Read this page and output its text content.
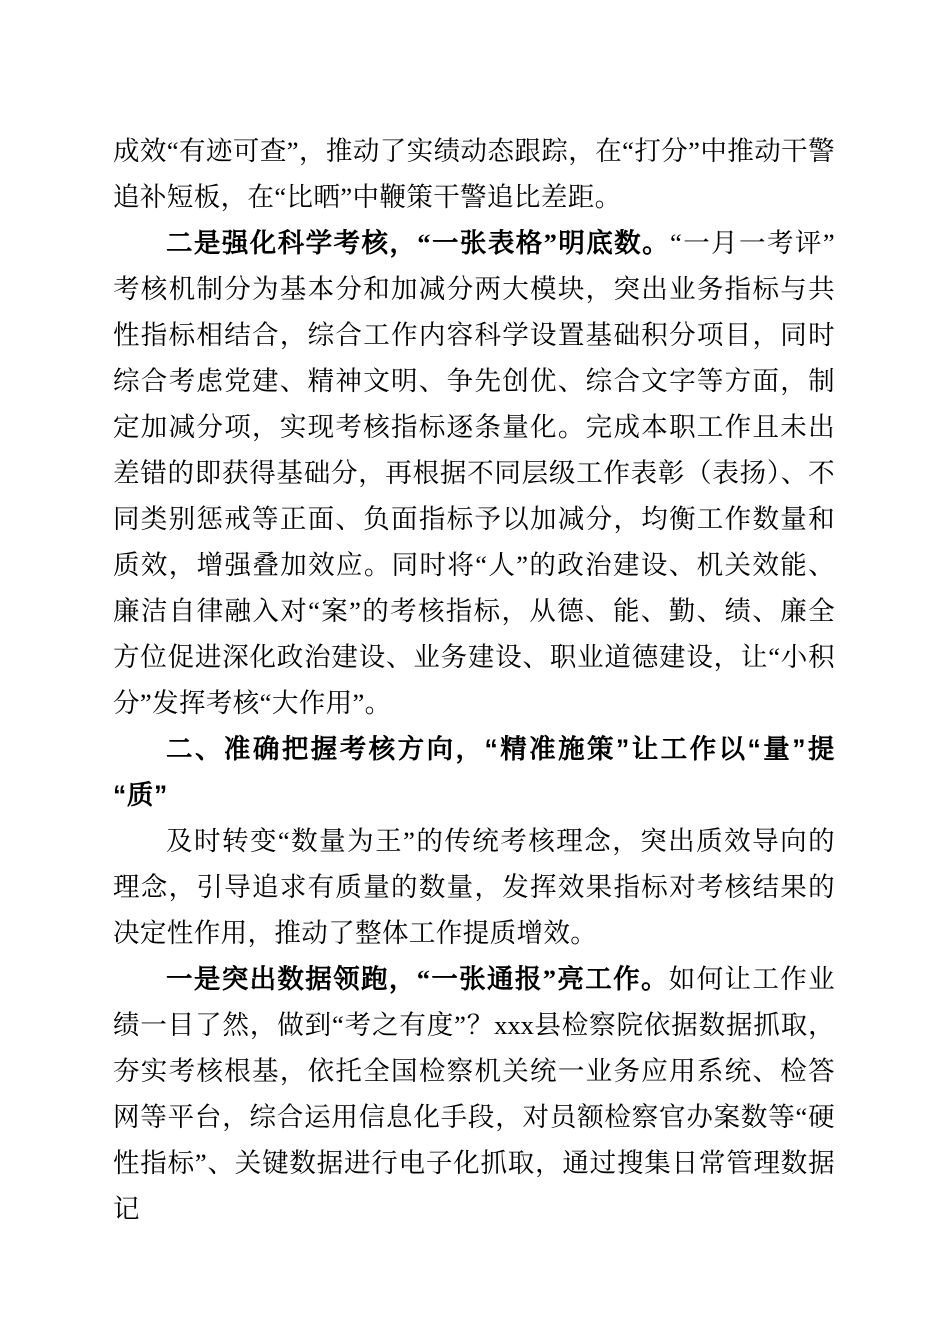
成效“有迹可查”，推动了实绩动态跟踪，在“打分”中推动干警追补短板，在“比晒”中鞭策干警追比差距。

二是强化科学考核，“一张表格”明底数。“一月一考评”考核机制分为基本分和加减分两大模块，突出业务指标与共性指标相结合，综合工作内容科学设置基础积分项目，同时综合考虑党建、精神文明、争先创优、综合文字等方面，制定加减分项，实现考核指标逐条量化。完成本职工作且未出差错的即获得基础分，再根据不同层级工作表彰（表扬）、不同类别惩戒等正面、负面指标予以加减分，均衡工作数量和质效，增强叠加效应。同时将“人”的政治建设、机关效能、廉洁自律融入对“案”的考核指标，从德、能、勤、绩、廉全方位促进深化政治建设、业务建设、职业道德建设，让“小积分”发挥考核“大作用”。

二、准确把握考核方向，“精准施策”让工作以“量”提“质”

及时转变“数量为王”的传统考核理念，突出质效导向的理念，引导追求有质量的数量，发挥效果指标对考核结果的决定性作用，推动了整体工作提质增效。

一是突出数据领跑，“一张通报”亮工作。如何让工作业绩一目了然，做到“考之有度”？xxx县检察院依据数据抓取，夯实考核根基，依托全国检察机关统一业务应用系统、检答网等平台，综合运用信息化手段，对员额检察官办案数等“硬性指标”、关键数据进行电子化抓取，通过搜集日常管理数据记
